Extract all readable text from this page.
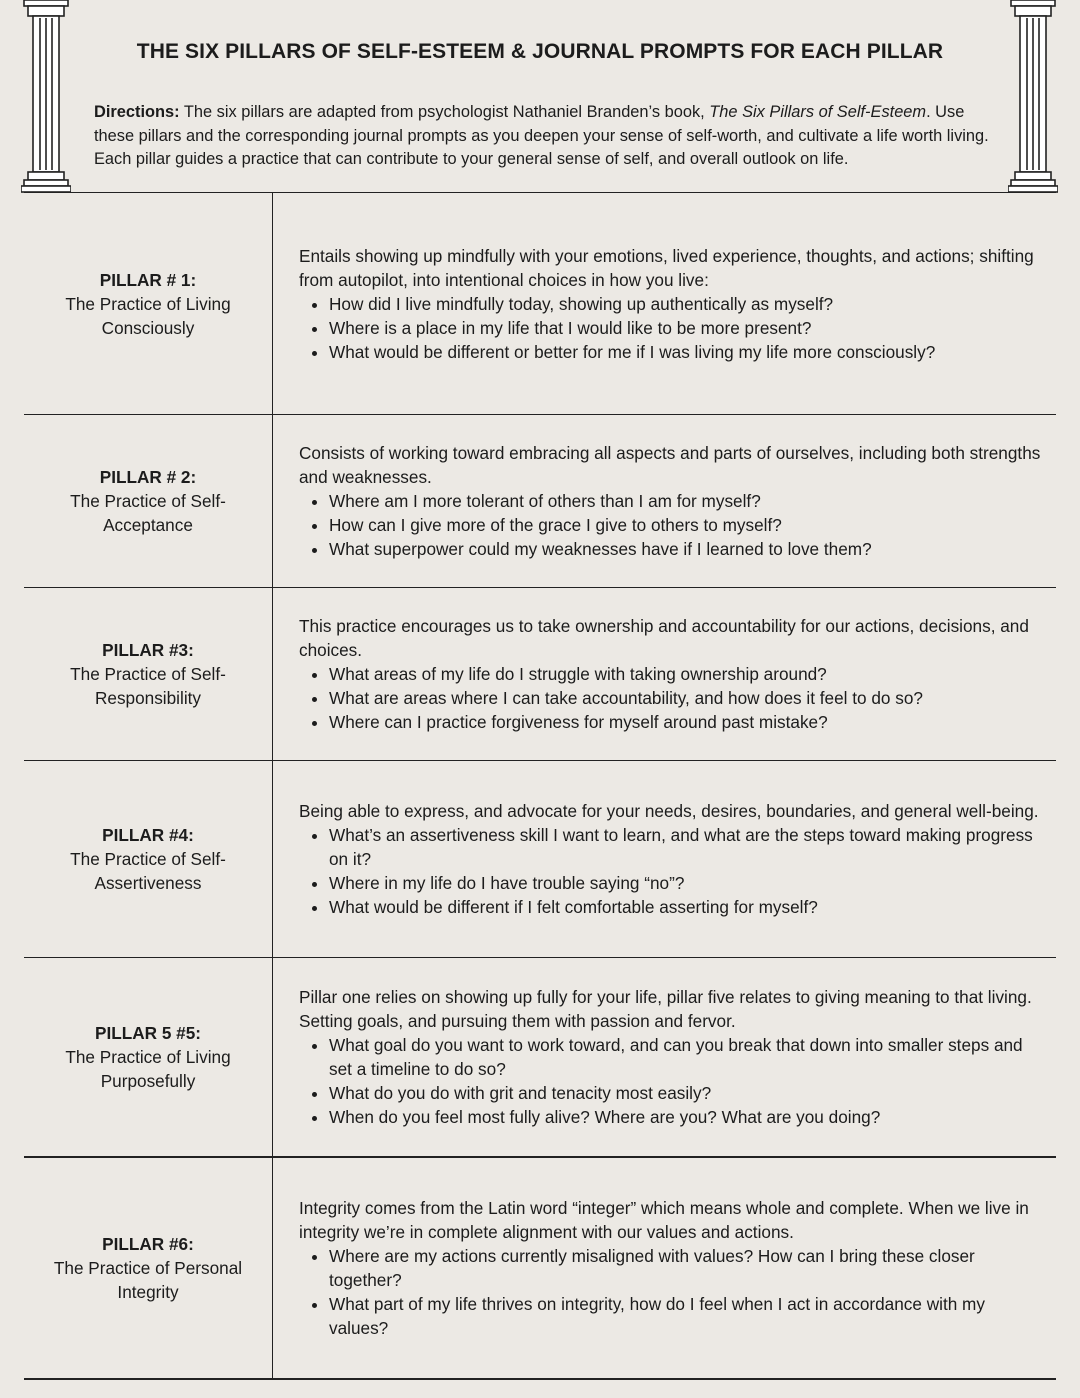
THE SIX PILLARS OF SELF-ESTEEM & JOURNAL PROMPTS FOR EACH PILLAR
Directions: The six pillars are adapted from psychologist Nathaniel Branden’s book, The Six Pillars of Self-Esteem. Use these pillars and the corresponding journal prompts as you deepen your sense of self-worth, and cultivate a life worth living. Each pillar guides a practice that can contribute to your general sense of self, and overall outlook on life.
PILLAR # 1:
The Practice of Living Consciously
Entails showing up mindfully with your emotions, lived experience, thoughts, and actions; shifting from autopilot, into intentional choices in how you live:
• How did I live mindfully today, showing up authentically as myself?
• Where is a place in my life that I would like to be more present?
• What would be different or better for me if I was living my life more consciously?
PILLAR # 2:
The Practice of Self-Acceptance
Consists of working toward embracing all aspects and parts of ourselves, including both strengths and weaknesses.
• Where am I more tolerant of others than I am for myself?
• How can I give more of the grace I give to others to myself?
• What superpower could my weaknesses have if I learned to love them?
PILLAR #3:
The Practice of Self-Responsibility
This practice encourages us to take ownership and accountability for our actions, decisions, and choices.
• What areas of my life do I struggle with taking ownership around?
• What are areas where I can take accountability, and how does it feel to do so?
• Where can I practice forgiveness for myself around past mistake?
PILLAR #4:
The Practice of Self-Assertiveness
Being able to express, and advocate for your needs, desires, boundaries, and general well-being.
• What’s an assertiveness skill I want to learn, and what are the steps toward making progress on it?
• Where in my life do I have trouble saying “no”?
• What would be different if I felt comfortable asserting for myself?
PILLAR 5 #5:
The Practice of Living Purposefully
Pillar one relies on showing up fully for your life, pillar five relates to giving meaning to that living. Setting goals, and pursuing them with passion and fervor.
• What goal do you want to work toward, and can you break that down into smaller steps and set a timeline to do so?
• What do you do with grit and tenacity most easily?
• When do you feel most fully alive? Where are you? What are you doing?
PILLAR #6:
The Practice of Personal Integrity
Integrity comes from the Latin word “integer” which means whole and complete. When we live in integrity we’re in complete alignment with our values and actions.
• Where are my actions currently misaligned with values? How can I bring these closer together?
• What part of my life thrives on integrity, how do I feel when I act in accordance with my values?
